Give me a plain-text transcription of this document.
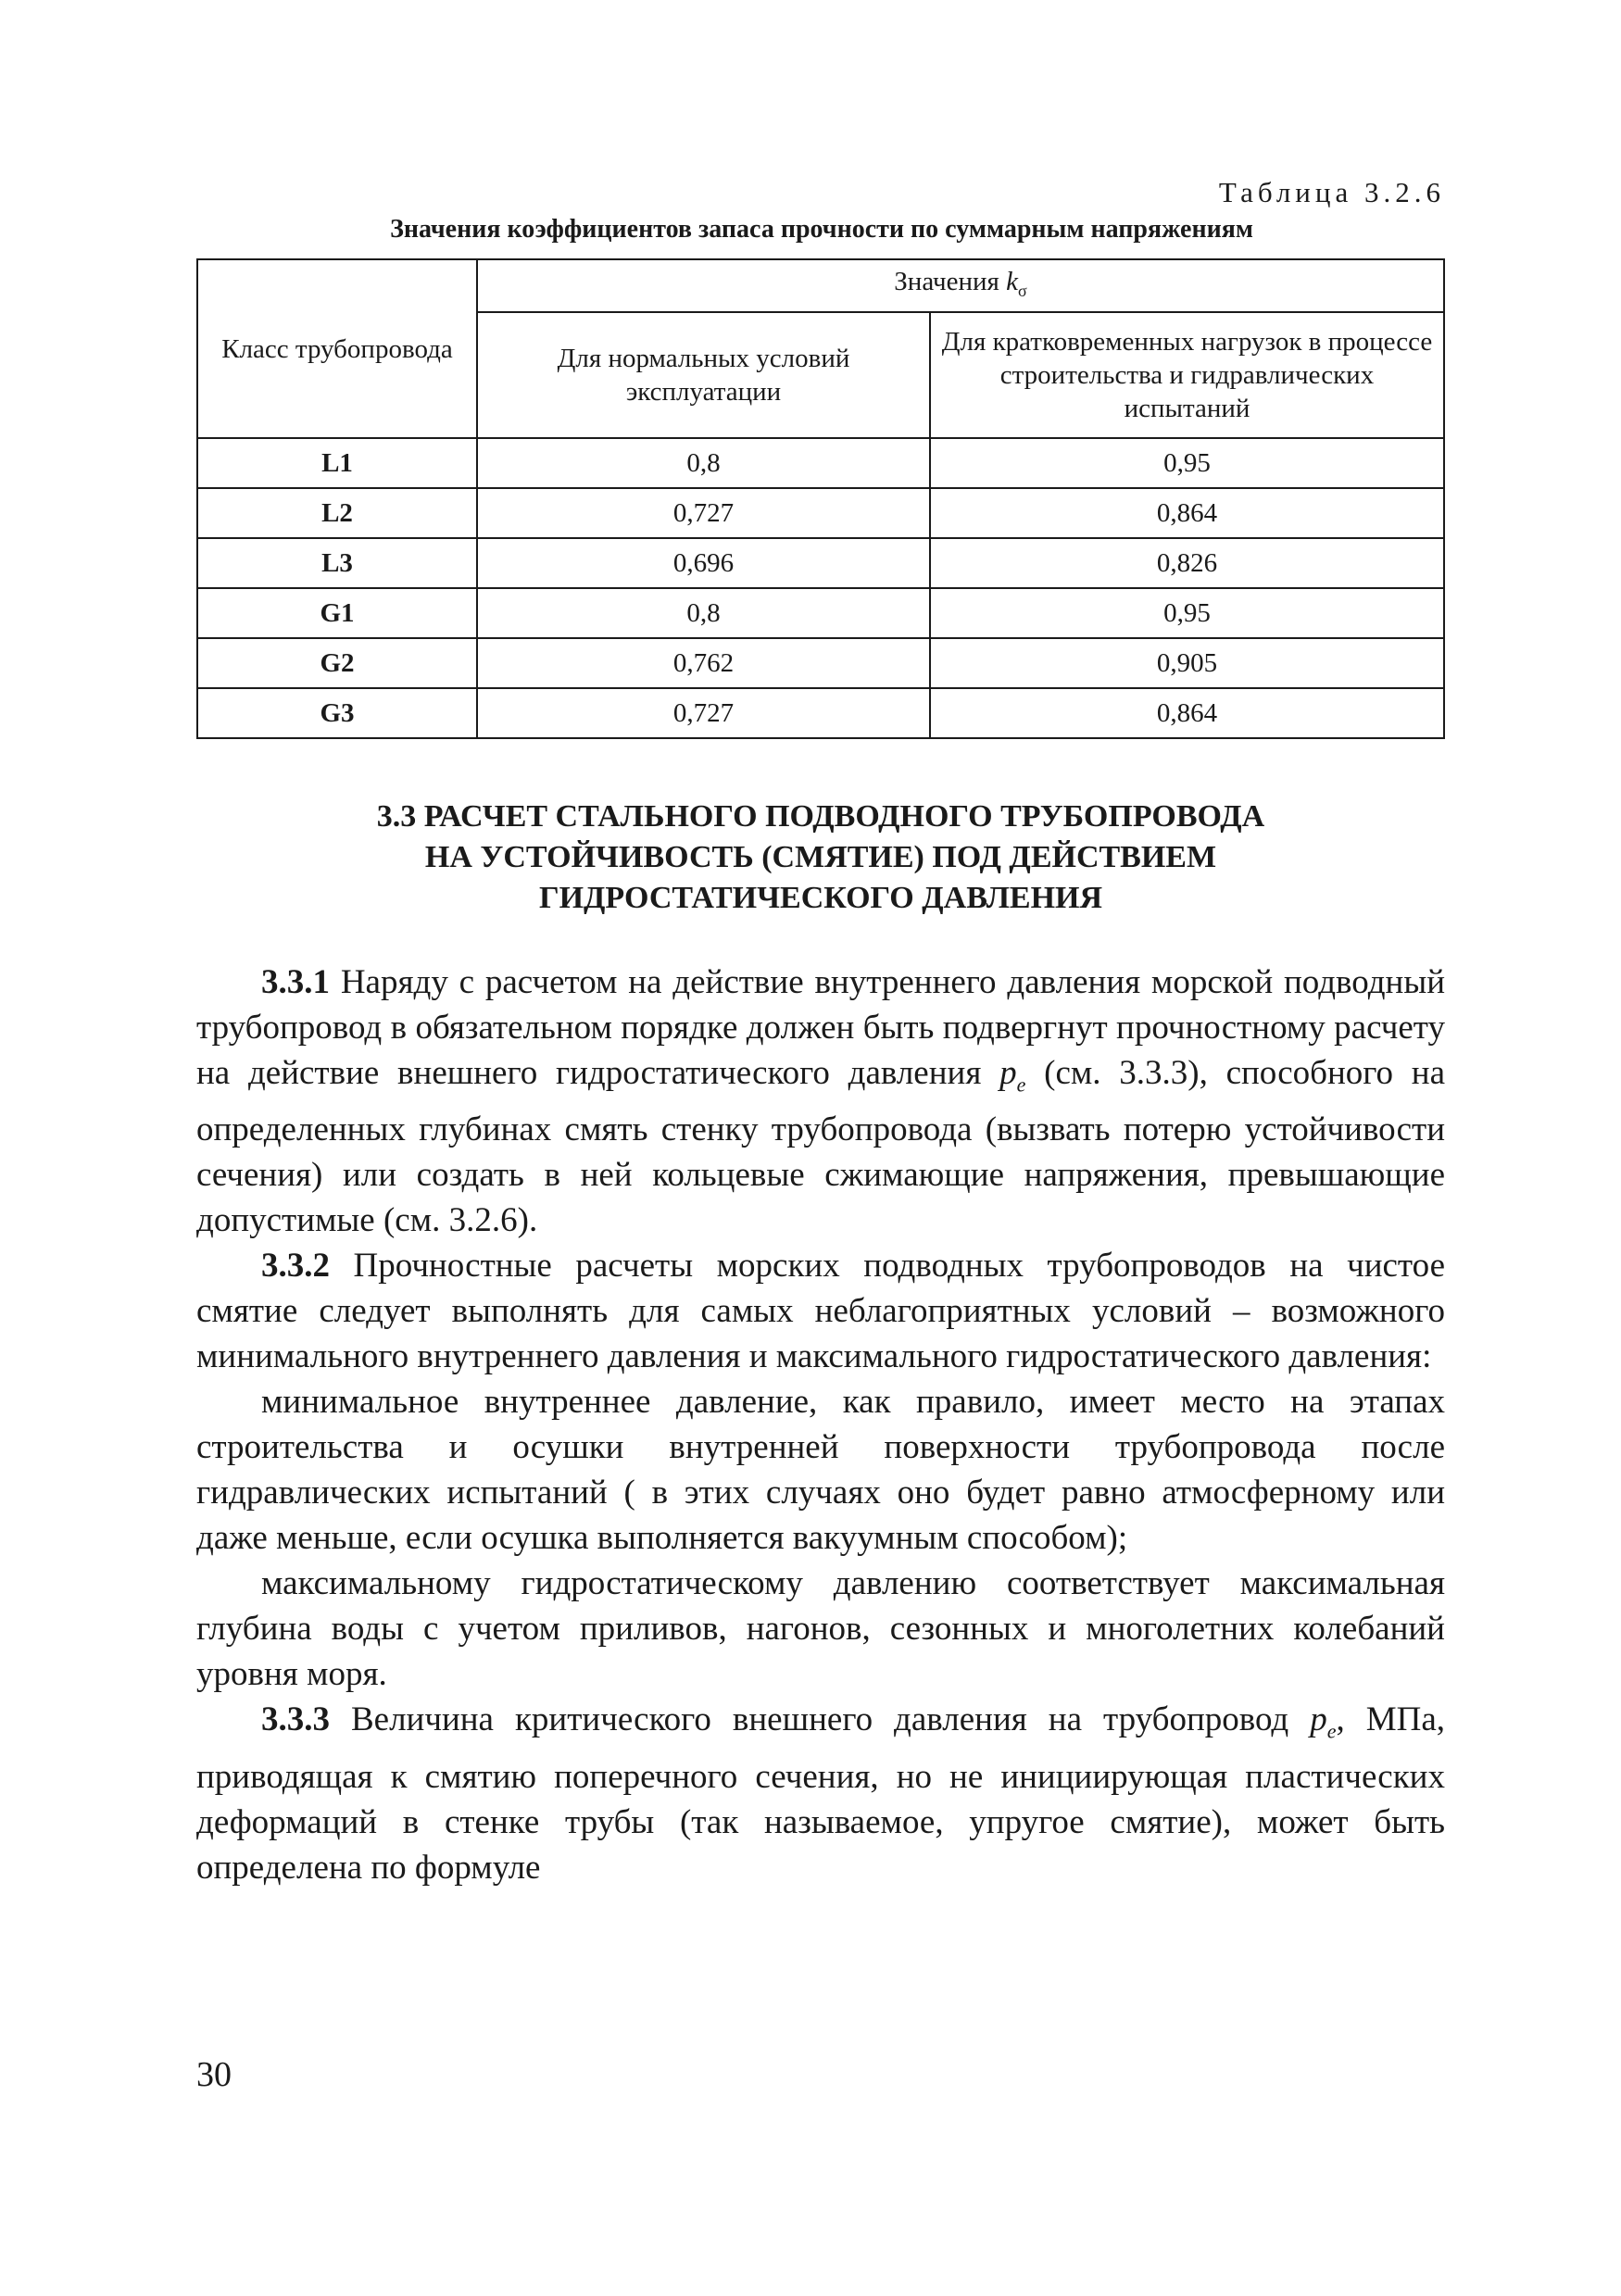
Таблица 3.2.6
Значения коэффициентов запаса прочности по суммарным напряжениям
Класс трубопровода	Значения $k_\sigma$
	Для нормальных условий эксплуатации	Для кратковременных нагрузок в процессе строительства и гидравлических испытаний
L1	0,8	0,95
L2	0,727	0,864
L3	0,696	0,826
G1	0,8	0,95
G2	0,762	0,905
G3	0,727	0,864
3.3 РАСЧЕТ СТАЛЬНОГО ПОДВОДНОГО ТРУБОПРОВОДА
НА УСТОЙЧИВОСТЬ (СМЯТИЕ) ПОД ДЕЙСТВИЕМ
ГИДРОСТАТИЧЕСКОГО ДАВЛЕНИЯ

3.3.1 Наряду с расчетом на действие внутреннего давления морской подводный трубопровод в обязательном порядке должен быть подвергнут прочностному расчету на действие внешнего гидростатического давления $p_e$ (см. 3.3.3), способного на определенных глубинах смять стенку трубопровода (вызвать потерю устойчивости сечения) или создать в ней кольцевые сжимающие напряжения, превышающие допустимые (см. 3.2.6).

3.3.2 Прочностные расчеты морских подводных трубопроводов на чистое смятие следует выполнять для самых неблагоприятных условий – возможного минимального внутреннего давления и максимального гидростатического давления:

минимальное внутреннее давление, как правило, имеет место на этапах строительства и осушки внутренней поверхности трубопровода после гидравлических испытаний ( в этих случаях оно будет равно атмосферному или даже меньше, если осушка выполняется вакуумным способом);

максимальному гидростатическому давлению соответствует максимальная глубина воды с учетом приливов, нагонов, сезонных и многолетних колебаний уровня моря.

3.3.3 Величина критического внешнего давления на трубопровод $p_e$, МПа, приводящая к смятию поперечного сечения, но не инициирующая пластических деформаций в стенке трубы (так называемое, упругое смятие), может быть определена по формуле

30
